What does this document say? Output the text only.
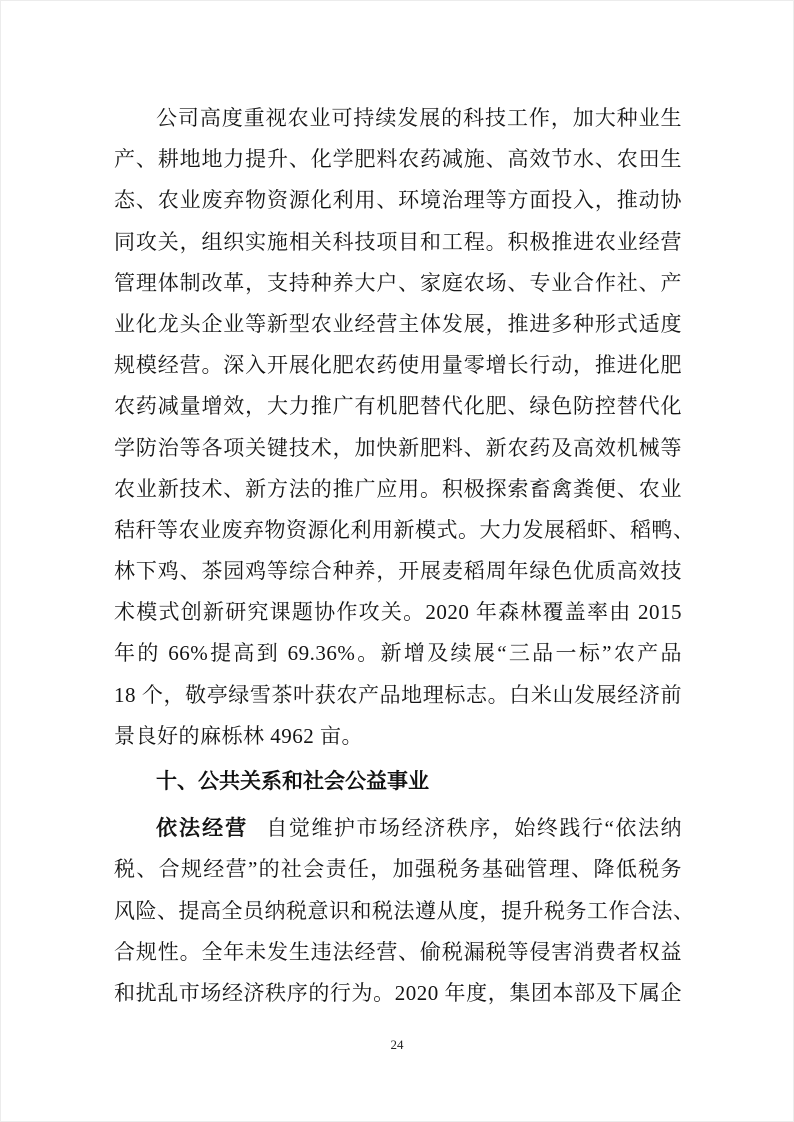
公司高度重视农业可持续发展的科技工作，加大种业生
产、耕地地力提升、化学肥料农药减施、高效节水、农田生
态、农业废弃物资源化利用、环境治理等方面投入，推动协
同攻关，组织实施相关科技项目和工程。积极推进农业经营
管理体制改革，支持种养大户、家庭农场、专业合作社、产
业化龙头企业等新型农业经营主体发展，推进多种形式适度
规模经营。深入开展化肥农药使用量零增长行动，推进化肥
农药减量增效，大力推广有机肥替代化肥、绿色防控替代化
学防治等各项关键技术，加快新肥料、新农药及高效机械等
农业新技术、新方法的推广应用。积极探索畜禽粪便、农业
秸秆等农业废弃物资源化利用新模式。大力发展稻虾、稻鸭、
林下鸡、茶园鸡等综合种养，开展麦稻周年绿色优质高效技
术模式创新研究课题协作攻关。2020 年森林覆盖率由 2015
年的 66%提高到 69.36%。新增及续展“三品一标”农产品
18 个，敬亭绿雪茶叶获农产品地理标志。白米山发展经济前
景良好的麻栎林 4962 亩。
十、公共关系和社会公益事业
依法经营 自觉维护市场经济秩序，始终践行“依法纳
税、合规经营”的社会责任，加强税务基础管理、降低税务
风险、提高全员纳税意识和税法遵从度，提升税务工作合法、
合规性。全年未发生违法经营、偷税漏税等侵害消费者权益
和扰乱市场经济秩序的行为。2020 年度，集团本部及下属企
24
